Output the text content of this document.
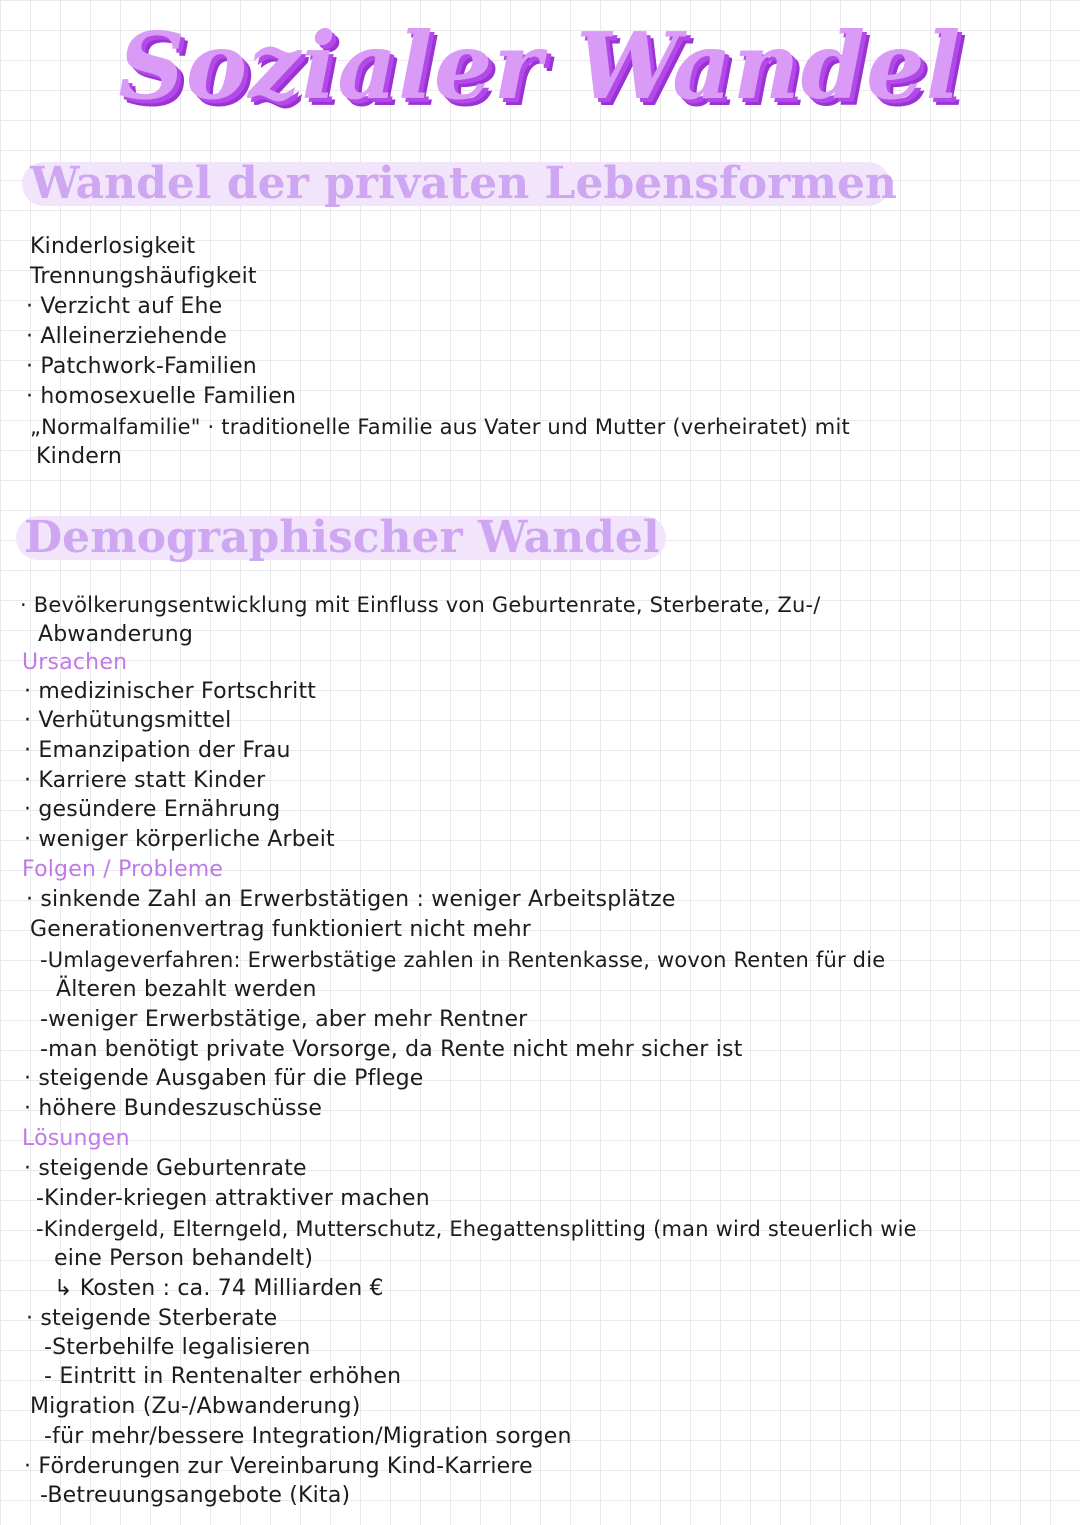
Sozialer Wandel
Wandel der privaten Lebensformen
Kinderlosigkeit
Trennungshäufigkeit
· Verzicht auf Ehe
· Alleinerziehende
· Patchwork-Familien
· homosexuelle Familien
„Normalfamilie" · traditionelle Familie aus Vater und Mutter (verheiratet) mit
Kindern
Demographischer Wandel
· Bevölkerungsentwicklung mit Einfluss von Geburtenrate, Sterberate, Zu-/
Abwanderung
Ursachen
· medizinischer Fortschritt
· Verhütungsmittel
· Emanzipation der Frau
· Karriere statt Kinder
· gesündere Ernährung
· weniger körperliche Arbeit
Folgen / Probleme
· sinkende Zahl an Erwerbstätigen : weniger Arbeitsplätze
Generationenvertrag funktioniert nicht mehr
-Umlageverfahren: Erwerbstätige zahlen in Rentenkasse, wovon Renten für die
Älteren bezahlt werden
-weniger Erwerbstätige, aber mehr Rentner
-man benötigt private Vorsorge, da Rente nicht mehr sicher ist
· steigende Ausgaben für die Pflege
· höhere Bundeszuschüsse
Lösungen
· steigende Geburtenrate
-Kinder-kriegen attraktiver machen
-Kindergeld, Elterngeld, Mutterschutz, Ehegattensplitting (man wird steuerlich wie
eine Person behandelt)
↳ Kosten : ca. 74 Milliarden €
· steigende Sterberate
-Sterbehilfe legalisieren
- Eintritt in Rentenalter erhöhen
Migration (Zu-/Abwanderung)
-für mehr/bessere Integration/Migration sorgen
· Förderungen zur Vereinbarung Kind-Karriere
-Betreuungsangebote (Kita)
